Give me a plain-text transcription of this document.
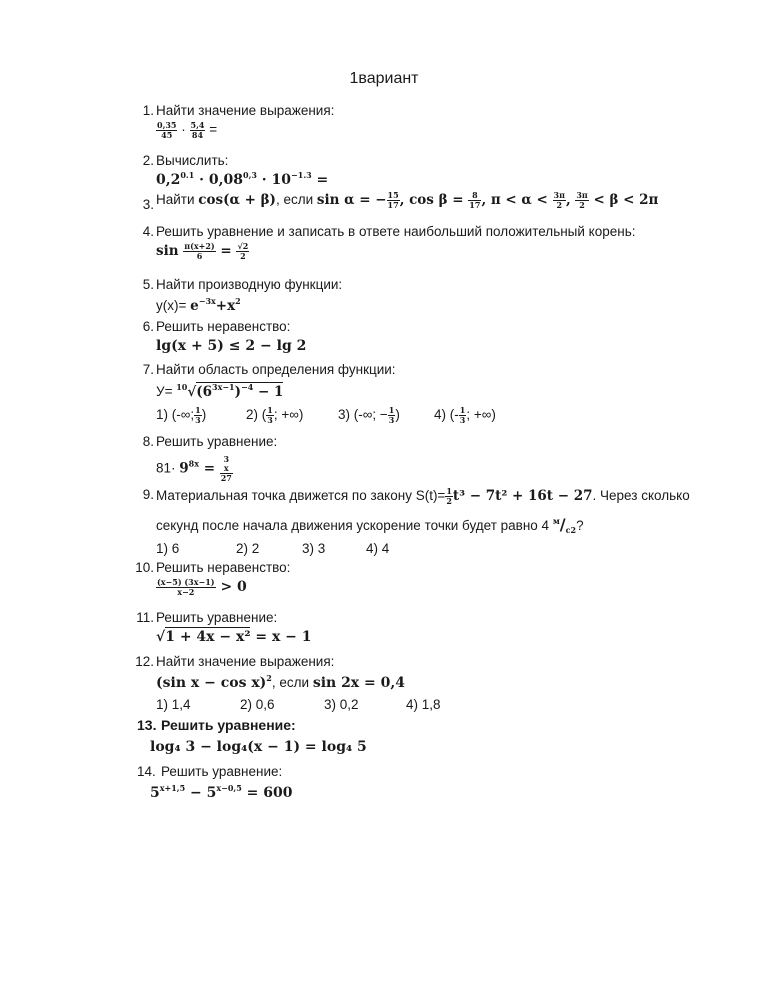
1вариант
1. Найти значение выражения:
$\frac{0,35}{45} \cdot \frac{5,4}{84}$ =
2. Вычислить:
$0,2^{0.1} \cdot 0,08^{0,3} \cdot 10^{-1.3}$ =
3. Найти cos(α + β), если sin α = − $\frac{15}{17}$ , $\cos \beta = \frac{8}{17}$ , $\pi < \alpha < \frac{3\pi}{2}$ , $\frac{3\pi}{2} < \beta < 2\pi$
4. Решить уравнение и записать в ответе наибольший положительный корень:
$\sin \frac{\pi(x+2)}{6} = \frac{√2}{2}$
5. Найти производную функции:
$y(x)= e^{-3x}+x^2$
6. Решить неравенство:
lg(x + 5) ≤ 2 − lg 2
7. Найти область определения функции:
$У= ^{10}√(6^{3x-1})^{-4} - 1$
1) (-∞; $\frac{1}{3}$ )	2) ( $\frac{1}{3}$ ; +∞)	3) (-∞; − $\frac{1}{3}$ )	4) (- $\frac{1}{3}$ ; +∞)
8. Решить уравнение:
$81\cdot 9^{8x} = 3$
x
27
9. Материальная точка движется по закону $S(t)= \frac{1}{2} t^3 - 7t^2 + 16t - 27$. Через сколько
секунд после начала движения ускорение точки будет равно 4 $^м/_{с2}$?
1) 6	2) 2	3) 3	4) 4
10. Решить неравенство:
$\frac{(x-5) (3x-1)}{x-2} > 0$
11. Решить уравнение:
√1 + 4x − x² = x − 1
12. Найти значение выражения:
(sin x − cos x)$^2$, если sin 2x = 0,4
1) 1,4	2) 0,6	3) 0,2	4) 1,8
13. Решить уравнение:
log₄ 3 − log₄(x − 1) = log₄ 5
14. Решить уравнение:
$5^{x+1,5} - 5^{x-0,5} = 600$
